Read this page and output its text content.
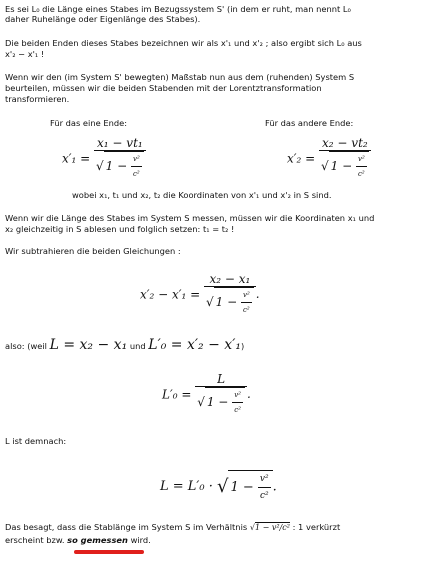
Es sei L₀ die Länge eines Stabes im Bezugssystem S' (in dem er ruht, man nennt L₀
daher Ruhelänge oder Eigenlänge des Stabes).
Die beiden Enden dieses Stabes bezeichnen wir als x'₁ und x'₂ ; also ergibt sich L₀ aus
x'₂ − x'₁ !
Wenn wir den (im System S' bewegten) Maßstab nun aus dem (ruhenden) System S
beurteilen, müssen wir die beiden Stabenden mit der Lorentztransformation
transformieren.
Für das eine Ende:	Für das andere Ende:
$x'_1 = \frac{\text{x₁ − vt₁}}{√ 1 - \frac{\text{v²}}{\text{c²}}}$	$x'_2 = \frac{\text{x₂ − vt₂}}{√ 1 - \frac{\text{v²}}{\text{c²}}}$
wobei x₁, t₁ und x₂, t₂ die Koordinaten von x'₁ und x'₂ in S sind.
Wenn wir die Länge des Stabes im System S messen, müssen wir die Koordinaten x₁ und
x₂ gleichzeitig in S ablesen und folglich setzen: t₁ = t₂ !
Wir subtrahieren die beiden Gleichungen :
$x'_2 - x'_1 = \frac{\text{x₂ − x₁}}{√ 1 - \frac{\text{v²}}{\text{c²}}}$ .
also: (weil L = x₂ − x₁ und L′₀ = x′₂ − x′₁)
$L'_0 = \frac{L}{√ 1 - \frac{\text{v²}}{\text{c²}}}$ .
L ist demnach:
L = L′₀ · √ $1 - \frac{\text{v²}}{\text{c²}}$ .
Das besagt, dass die Stablänge im System S im Verhältnis √1 − v²/c² : 1 verkürzt
erscheint bzw. so gemessen wird.
